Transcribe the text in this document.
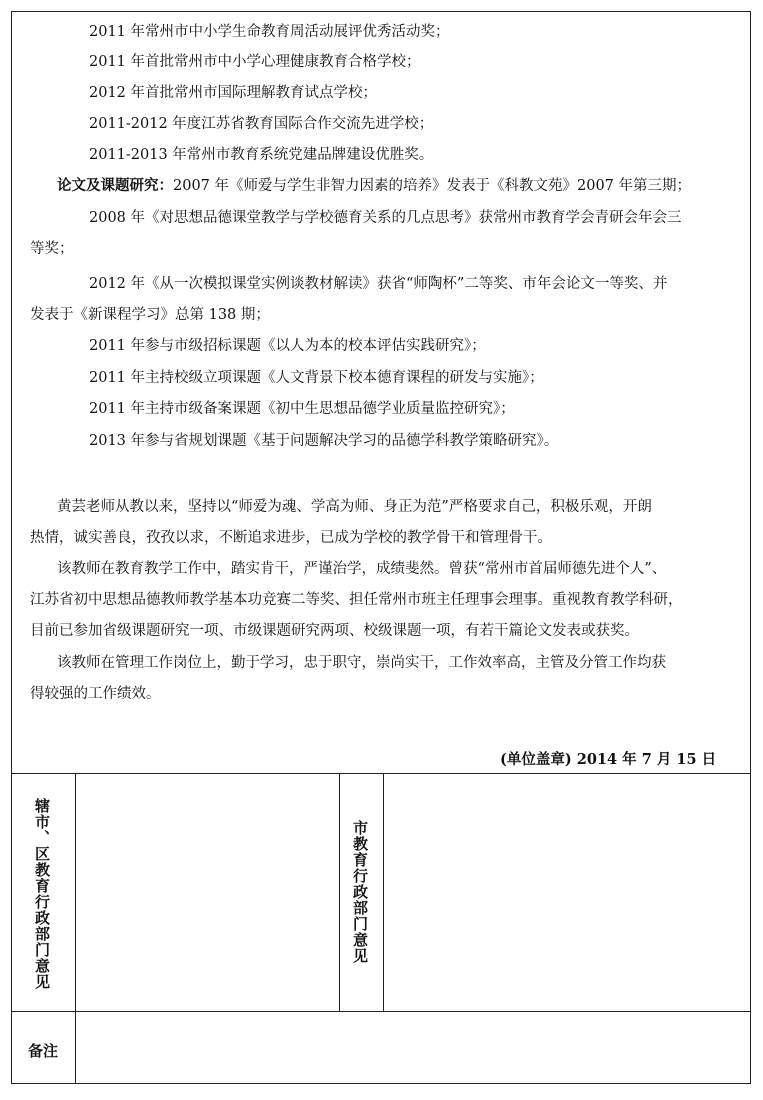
2011 年常州市中小学生命教育周活动展评优秀活动奖；
2011 年首批常州市中小学心理健康教育合格学校；
2012 年首批常州市国际理解教育试点学校；
2011-2012 年度江苏省教育国际合作交流先进学校；
2011-2013 年常州市教育系统党建品牌建设优胜奖。
论文及课题研究：2007 年《师爱与学生非智力因素的培养》发表于《科教文苑》2007 年第三期；
2008 年《对思想品德课堂教学与学校德育关系的几点思考》获常州市教育学会青研会年会三
等奖；
2012 年《从一次模拟课堂实例谈教材解读》获省“师陶杯”二等奖、市年会论文一等奖、并
发表于《新课程学习》总第 138 期；
2011 年参与市级招标课题《以人为本的校本评估实践研究》；
2011 年主持校级立项课题《人文背景下校本德育课程的研发与实施》；
2011 年主持市级备案课题《初中生思想品德学业质量监控研究》；
2013 年参与省规划课题《基于问题解决学习的品德学科教学策略研究》。
黄芸老师从教以来，坚持以“师爱为魂、学高为师、身正为范”严格要求自己，积极乐观，开朗
热情，诚实善良，孜孜以求，不断追求进步，已成为学校的教学骨干和管理骨干。
该教师在教育教学工作中，踏实肯干，严谨治学，成绩斐然。曾获“常州市首届师德先进个人”、
江苏省初中思想品德教师教学基本功竞赛二等奖、担任常州市班主任理事会理事。重视教育教学科研，
目前已参加省级课题研究一项、市级课题研究两项、校级课题一项，有若干篇论文发表或获奖。
该教师在管理工作岗位上，勤于学习，忠于职守，崇尚实干，工作效率高，主管及分管工作均获
得较强的工作绩效。
(单位盖章) 2014 年 7 月 15 日
辖市、区教育行政部门意见	市教育行政部门意见
备注
